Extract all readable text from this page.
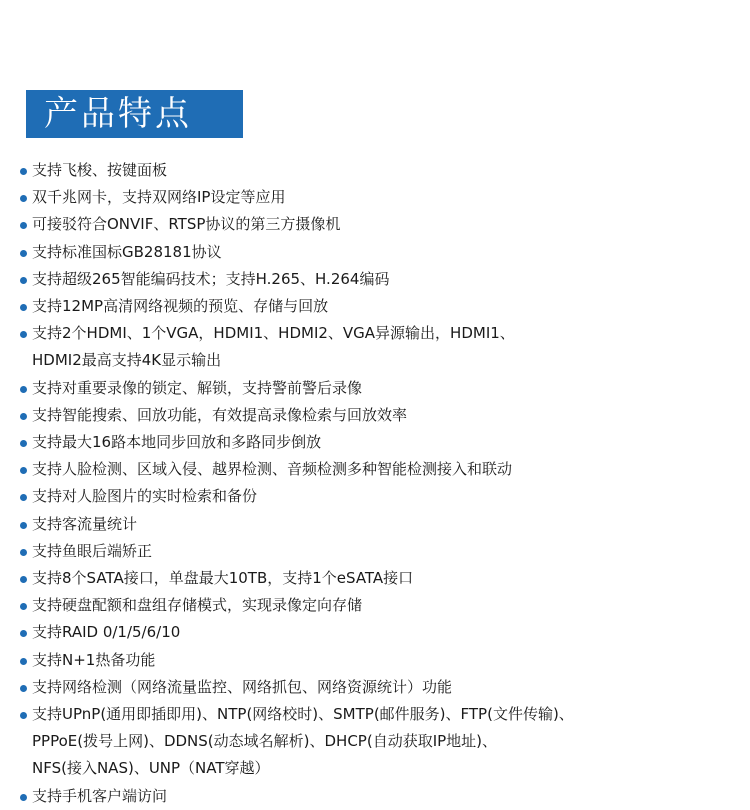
产品特点
支持飞梭、按键面板
双千兆网卡，支持双网络IP设定等应用
可接驳符合ONVIF、RTSP协议的第三方摄像机
支持标准国标GB28181协议
支持超级265智能编码技术；支持H.265、H.264编码
支持12MP高清网络视频的预览、存储与回放
支持2个HDMI、1个VGA，HDMI1、HDMI2、VGA异源输出，HDMI1、
HDMI2最高支持4K显示输出
支持对重要录像的锁定、解锁，支持警前警后录像
支持智能搜索、回放功能，有效提高录像检索与回放效率
支持最大16路本地同步回放和多路同步倒放
支持人脸检测、区域入侵、越界检测、音频检测多种智能检测接入和联动
支持对人脸图片的实时检索和备份
支持客流量统计
支持鱼眼后端矫正
支持8个SATA接口，单盘最大10TB，支持1个eSATA接口
支持硬盘配额和盘组存储模式，实现录像定向存储
支持RAID 0/1/5/6/10
支持N+1热备功能
支持网络检测（网络流量监控、网络抓包、网络资源统计）功能
支持UPnP(通用即插即用)、NTP(网络校时)、SMTP(邮件服务)、FTP(文件传输)、
PPPoE(拨号上网)、DDNS(动态域名解析)、DHCP(自动获取IP地址)、
NFS(接入NAS)、UNP（NAT穿越）
支持手机客户端访问
